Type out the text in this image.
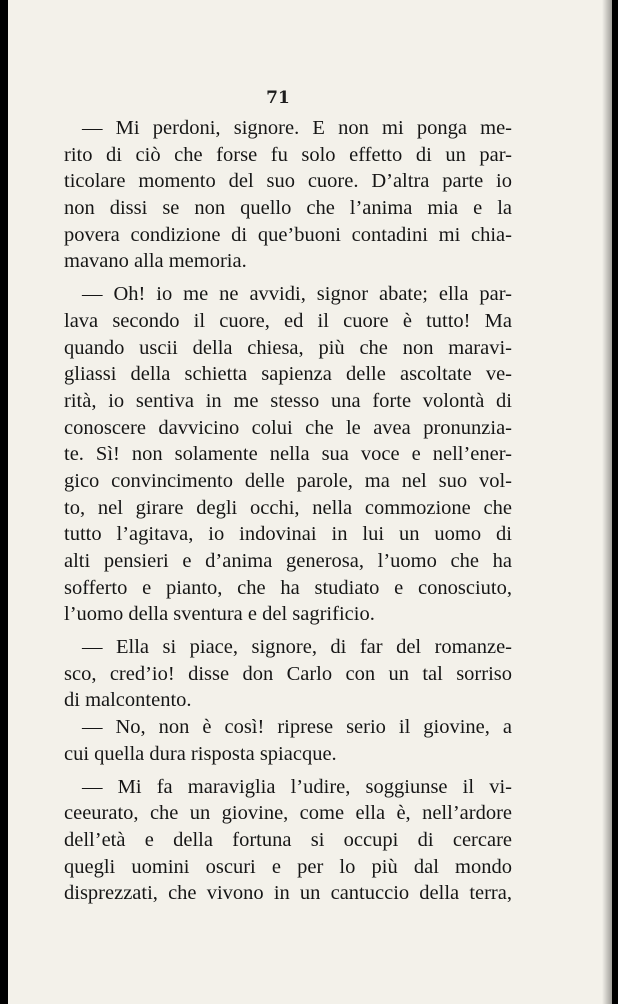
71

— Mi perdoni, signore. E non mi ponga me-
rito di ciò che forse fu solo effetto di un par-
ticolare momento del suo cuore. D’altra parte io
non dissi se non quello che l’anima mia e la
povera condizione di que’buoni contadini mi chia-
mavano alla memoria.
— Oh! io me ne avvidi, signor abate; ella par-
lava secondo il cuore, ed il cuore è tutto! Ma
quando uscii della chiesa, più che non maravi-
gliassi della schietta sapienza delle ascoltate ve-
rità, io sentiva in me stesso una forte volontà di
conoscere davvicino colui che le avea pronunzia-
te. Sì! non solamente nella sua voce e nell’ener-
gico convincimento delle parole, ma nel suo vol-
to, nel girare degli occhi, nella commozione che
tutto l’agitava, io indovinai in lui un uomo di
alti pensieri e d’anima generosa, l’uomo che ha
sofferto e pianto, che ha studiato e conosciuto,
l’uomo della sventura e del sagrificio.
— Ella si piace, signore, di far del romanze-
sco, cred’io! disse don Carlo con un tal sorriso
di malcontento.
— No, non è così! riprese serio il giovine, a
cui quella dura risposta spiacque.
— Mi fa maraviglia l’udire, soggiunse il vi-
ceeurato, che un giovine, come ella è, nell’ardore
dell’età e della fortuna si occupi di cercare
quegli uomini oscuri e per lo più dal mondo
disprezzati, che vivono in un cantuccio della terra,
